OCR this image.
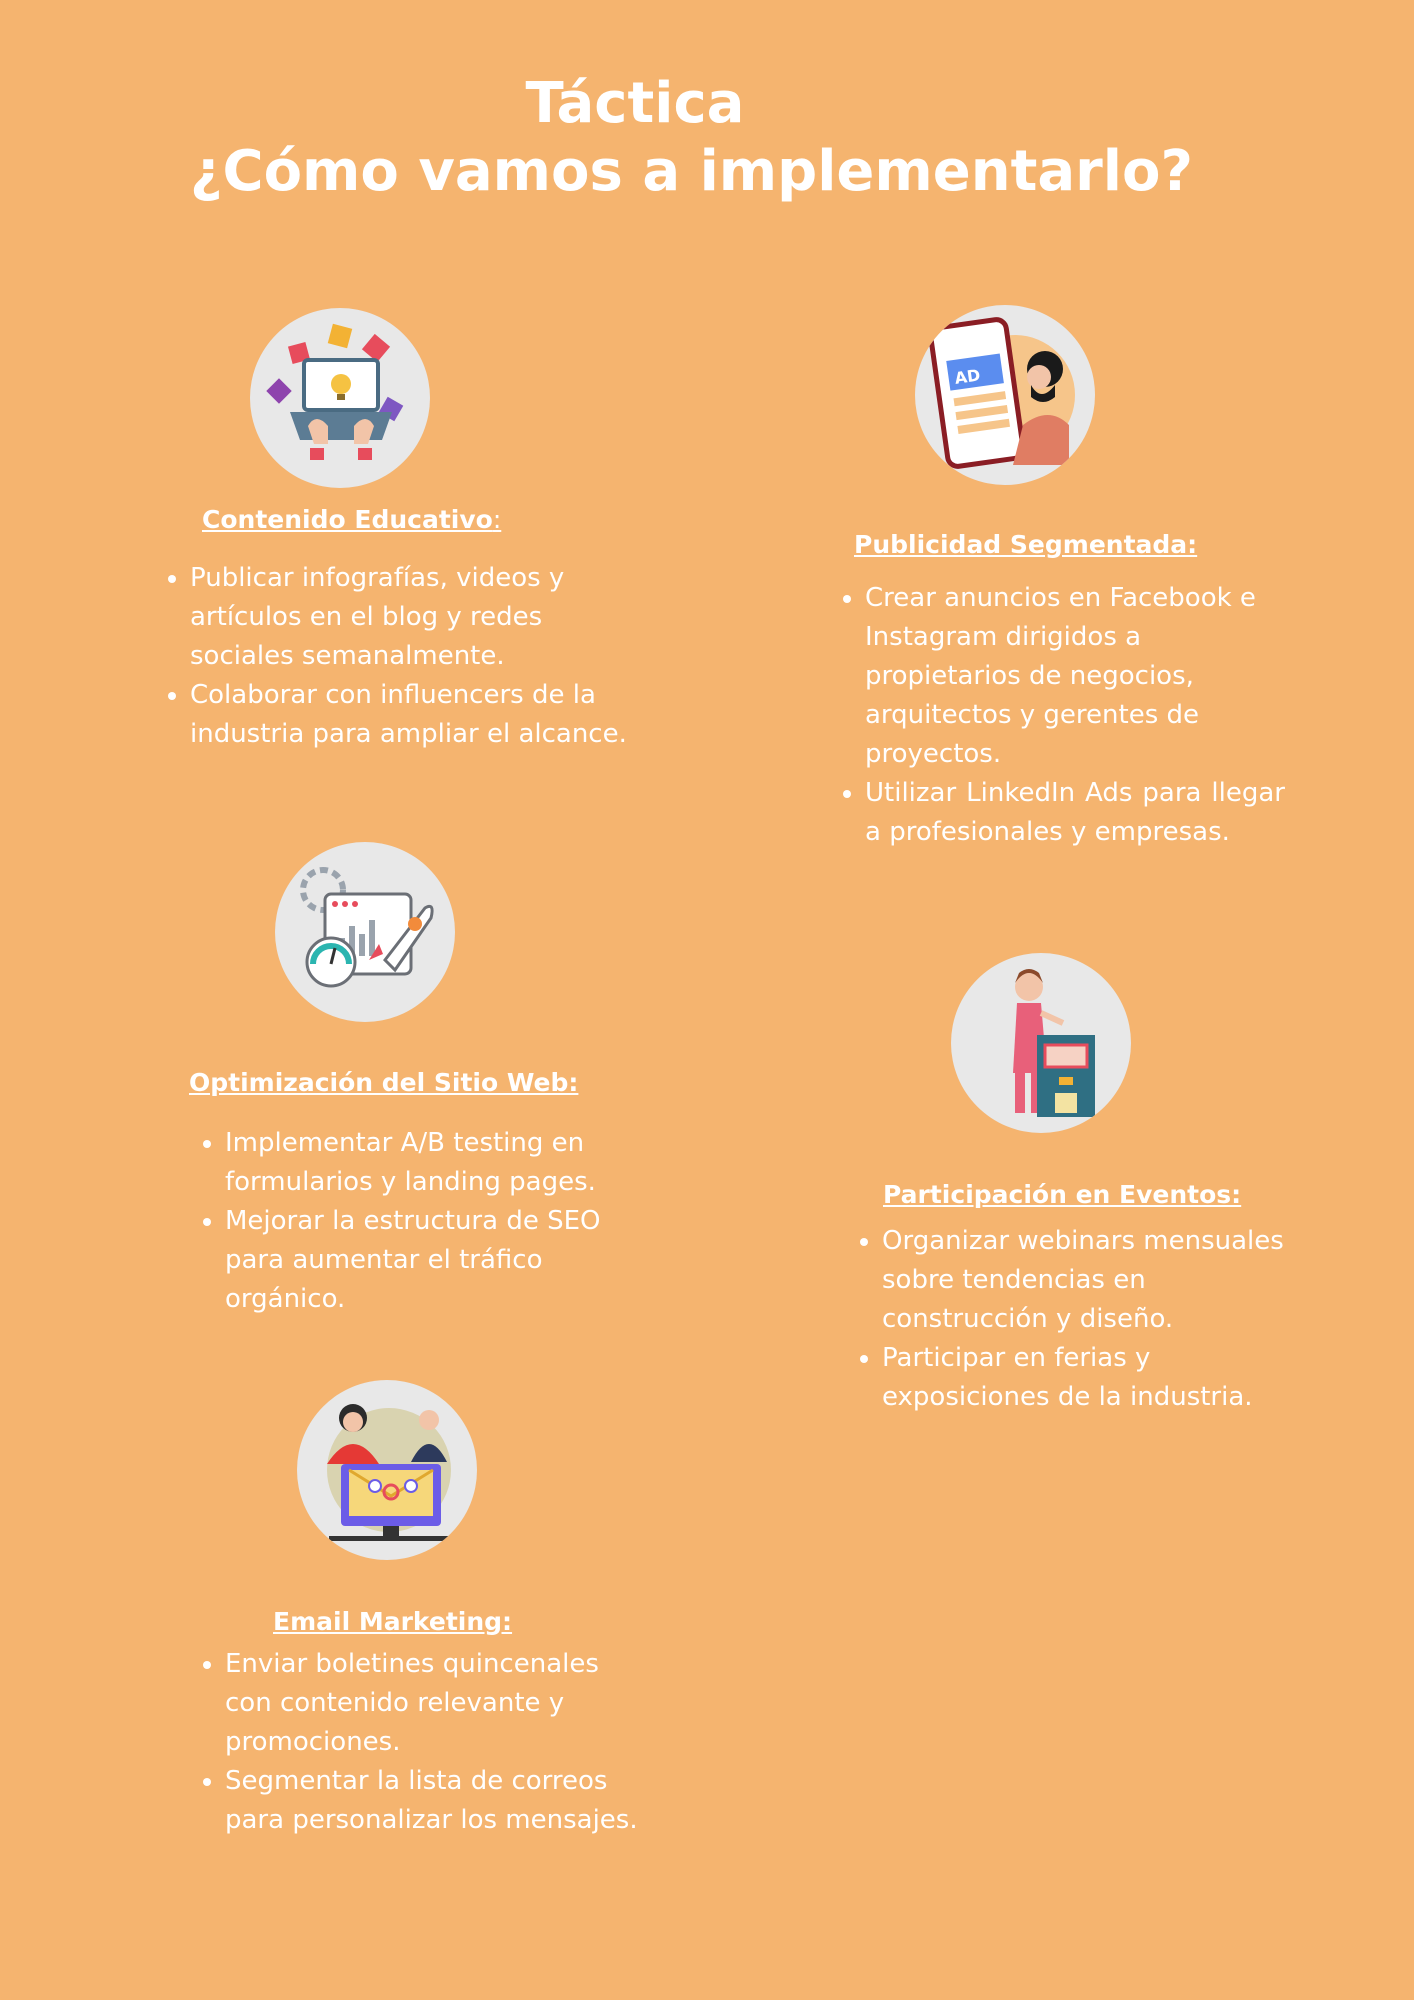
Táctica
¿Cómo vamos a implementarlo?
Contenido Educativo:
• Publicar infografías, videos y artículos en el blog y redes sociales semanalmente.
• Colaborar con influencers de la industria para ampliar el alcance.
AD
Publicidad Segmentada:
• Crear anuncios en Facebook e Instagram dirigidos a propietarios de negocios, arquitectos y gerentes de proyectos.
• Utilizar LinkedIn Ads para llegar a profesionales y empresas.
Optimización del Sitio Web:
• Implementar A/B testing en formularios y landing pages.
• Mejorar la estructura de SEO para aumentar el tráfico orgánico.
Participación en Eventos:
• Organizar webinars mensuales sobre tendencias en construcción y diseño.
• Participar en ferias y exposiciones de la industria.
Email Marketing:
• Enviar boletines quincenales con contenido relevante y promociones.
• Segmentar la lista de correos para personalizar los mensajes.
